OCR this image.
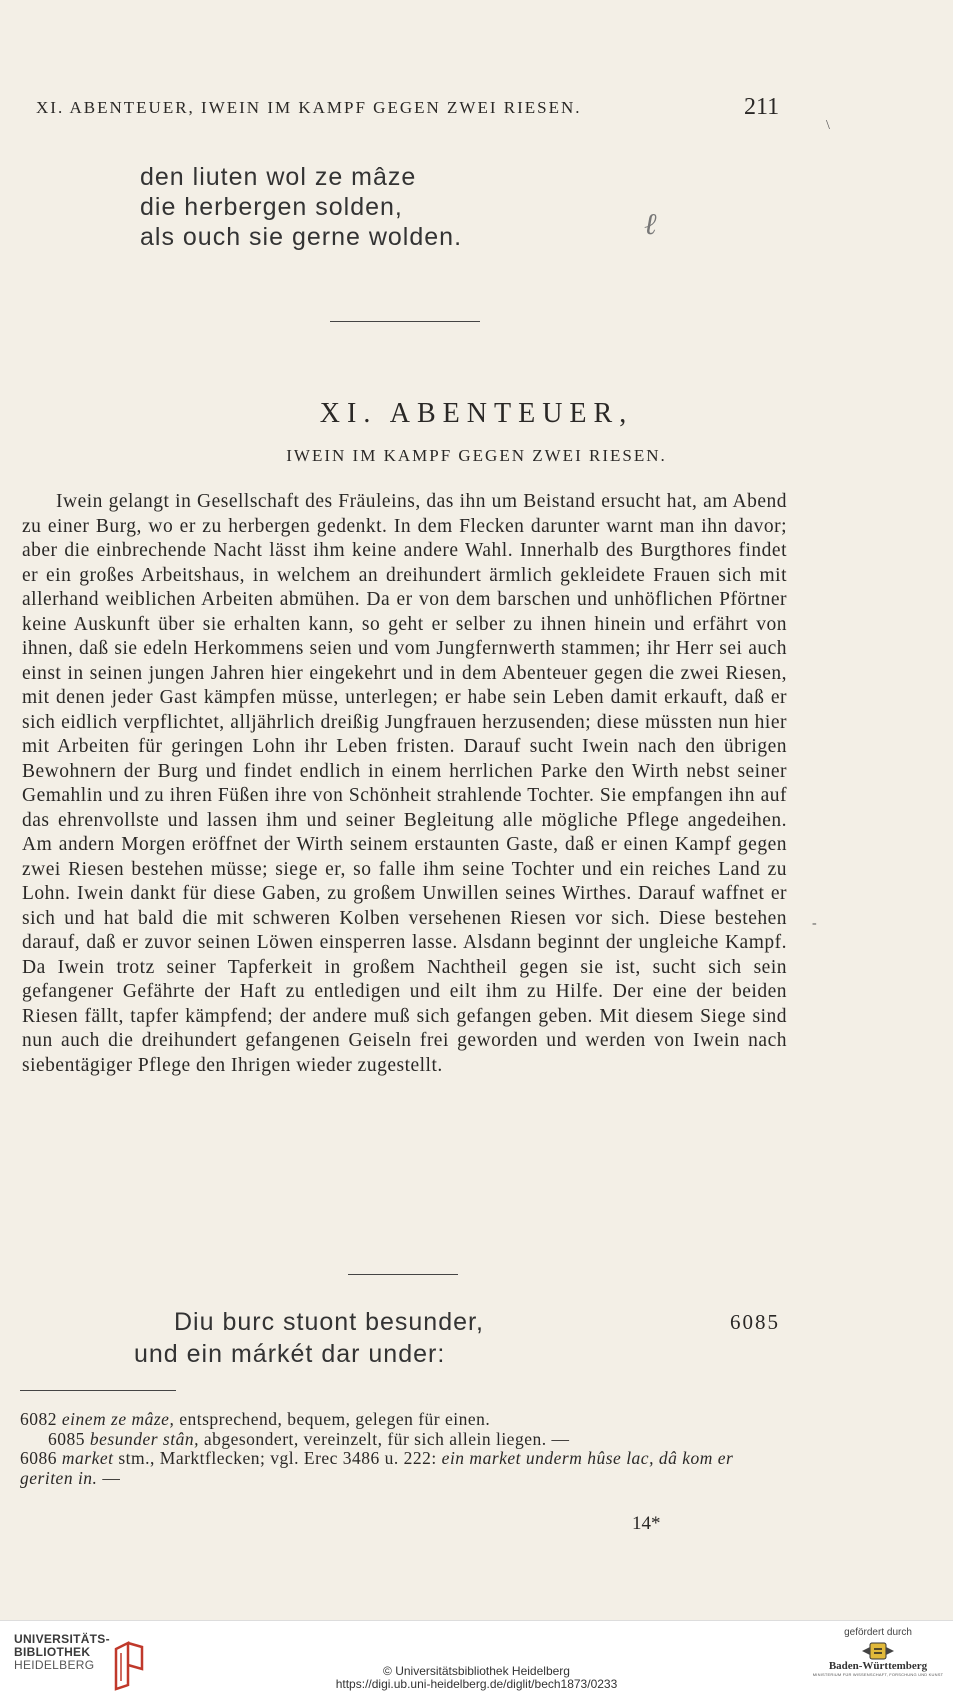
XI. ABENTEUER, IWEIN IM KAMPF GEGEN ZWEI RIESEN.	211
\
den liuten wol ze mâze
die herbergen solden,
als ouch sie gerne wolden.	ℓ
XI. ABENTEUER,
IWEIN IM KAMPF GEGEN ZWEI RIESEN.

Iwein gelangt in Gesellschaft des Fräuleins, das ihn um Beistand ersucht hat, am Abend zu einer Burg, wo er zu herbergen gedenkt. In dem Flecken darunter warnt man ihn davor; aber die einbrechende Nacht lässt ihm keine andere Wahl. Innerhalb des Burgthores findet er ein großes Arbeitshaus, in welchem an dreihundert ärmlich gekleidete Frauen sich mit allerhand weiblichen Arbeiten abmühen. Da er von dem barschen und unhöflichen Pförtner keine Auskunft über sie erhalten kann, so geht er selber zu ihnen hinein und erfährt von ihnen, daß sie edeln Herkommens seien und vom Jungfernwerth stammen; ihr Herr sei auch einst in seinen jungen Jahren hier eingekehrt und in dem Abenteuer gegen die zwei Riesen, mit denen jeder Gast kämpfen müsse, unterlegen; er habe sein Leben damit erkauft, daß er sich eidlich verpflichtet, alljährlich dreißig Jungfrauen herzusenden; diese müssten nun hier mit Arbeiten für geringen Lohn ihr Leben fristen. Darauf sucht Iwein nach den übrigen Bewohnern der Burg und findet endlich in einem herrlichen Parke den Wirth nebst seiner Gemahlin und zu ihren Füßen ihre von Schönheit strahlende Tochter. Sie empfangen ihn auf das ehrenvollste und lassen ihm und seiner Begleitung alle mögliche Pflege angedeihen. Am andern Morgen eröffnet der Wirth seinem erstaunten Gaste, daß er einen Kampf gegen zwei Riesen bestehen müsse; siege er, so falle ihm seine Tochter und ein reiches Land zu Lohn. Iwein dankt für diese Gaben, zu großem Unwillen seines Wirthes. Darauf waffnet er sich und hat bald die mit schweren Kolben versehenen Riesen vor sich. Diese bestehen darauf, daß er zuvor seinen Löwen einsperren lasse. Alsdann beginnt der ungleiche Kampf. Da Iwein trotz seiner Tapferkeit in großem Nachtheil gegen sie ist, sucht sich sein gefangener Gefährte der Haft zu entledigen und eilt ihm zu Hilfe. Der eine der beiden Riesen fällt, tapfer kämpfend; der andere muß sich gefangen geben. Mit diesem Siege sind nun auch die dreihundert gefangenen Geiseln frei geworden und werden von Iwein nach siebentägiger Pflege den Ihrigen wieder zugestellt.

-
Diu burc stuont besunder,
und ein márkét dar under:
6085

6082 einem ze mâze, entsprechend, bequem, gelegen für einen.

6085 besunder stân, abgesondert, vereinzelt, für sich allein liegen. —

6086 market stm., Marktflecken; vgl. Erec 3486 u. 222: ein market underm hûse lac, dâ kom er geriten in. —

14*
UNIVERSITÄTS-
BIBLIOTHEK
HEIDELBERG	© Universitätsbibliothek Heidelberg
https://digi.ub.uni-heidelberg.de/diglit/bech1873/0233
gefördert durch
Baden-Württemberg
MINISTERIUM FÜR WISSENSCHAFT, FORSCHUNG UND KUNST
